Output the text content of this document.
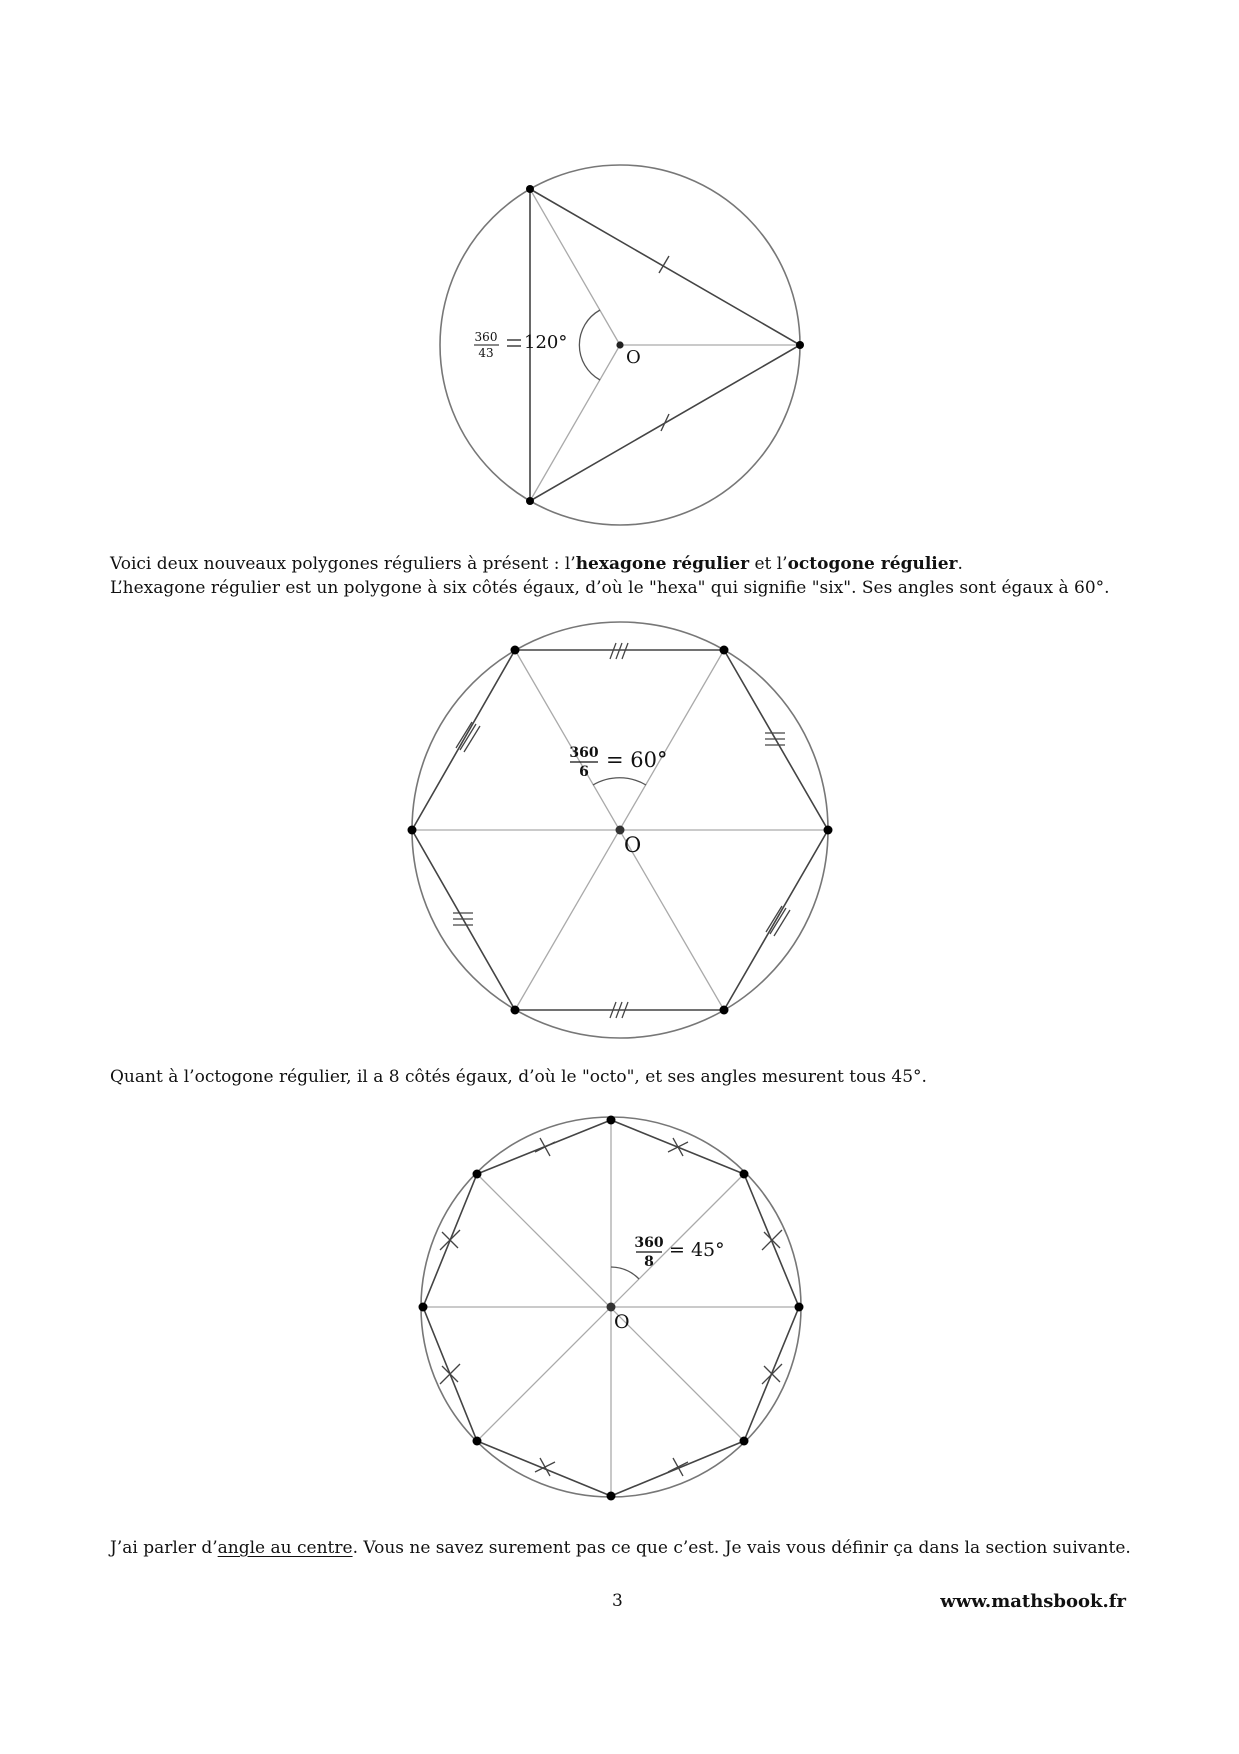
O
360
43 120°
Voici deux nouveaux polygones réguliers à présent : l’hexagone régulier et l’octogone régulier.
L’hexagone régulier est un polygone à six côtés égaux, d’où le "hexa" qui signifie "six". Ses angles sont égaux à 60°.
O
360
6 = 60°
Quant à l’octogone régulier, il a 8 côtés égaux, d’où le "octo", et ses angles mesurent tous 45°.
O
360
8
= 45°
J’ai parler d’angle au centre. Vous ne savez surement pas ce que c’est. Je vais vous définir ça dans la section suivante.
3	www.mathsbook.fr
